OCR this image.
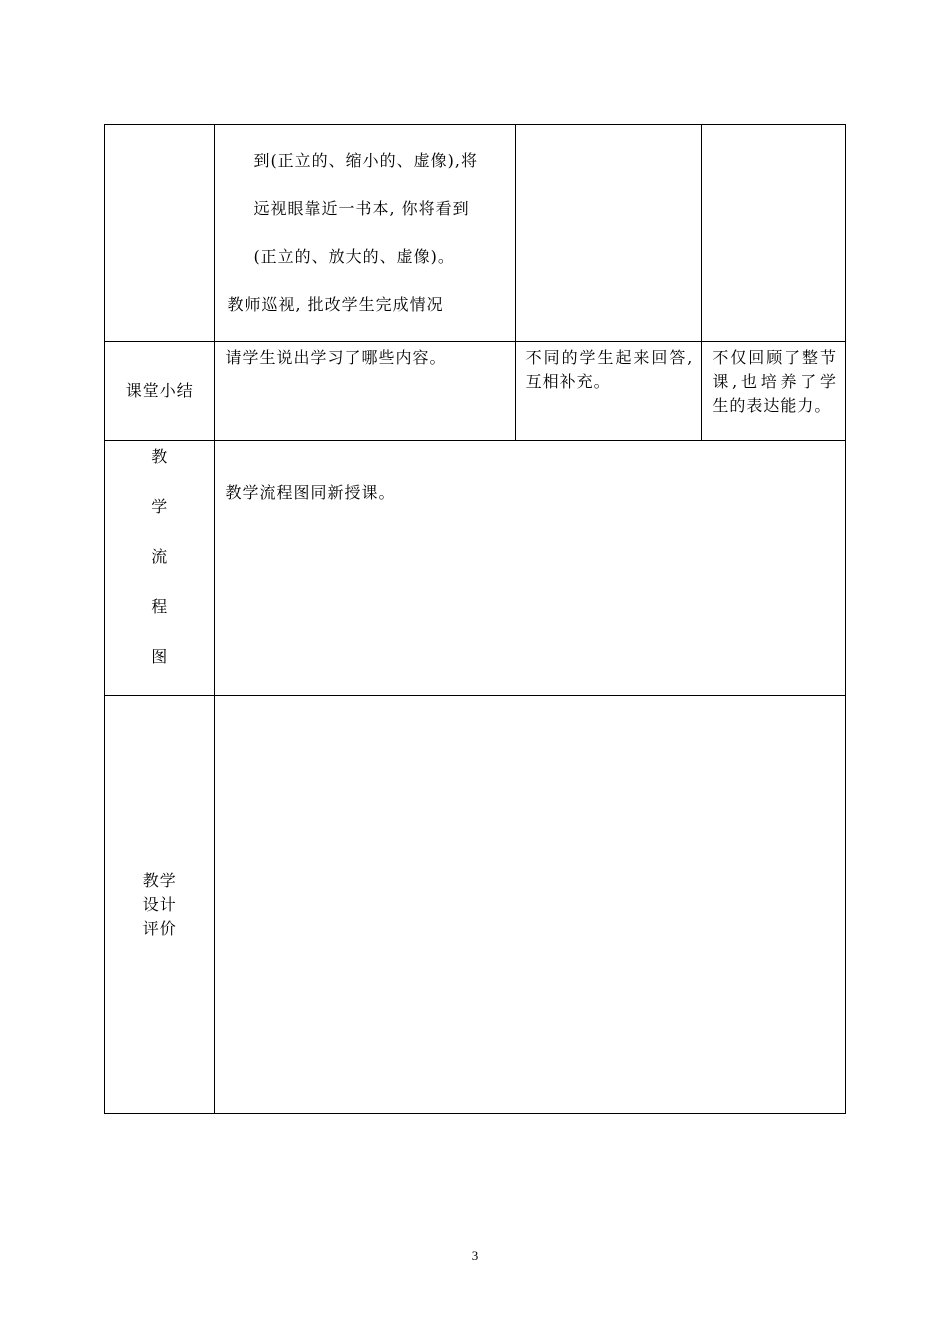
	到(正立的、缩小的、虚像),将

远视眼靠近一书本, 你将看到

(正立的、放大的、虚像)。

教师巡视, 批改学生完成情况		

课堂小结	请学生说出学习了哪些内容。	不同的学生起来回答, 互相补充。	不仅回顾了整节课,也培养了学生的表达能力。

教
学
流
程
图	教学流程图同新授课。		

教学
设计
评价			

3
